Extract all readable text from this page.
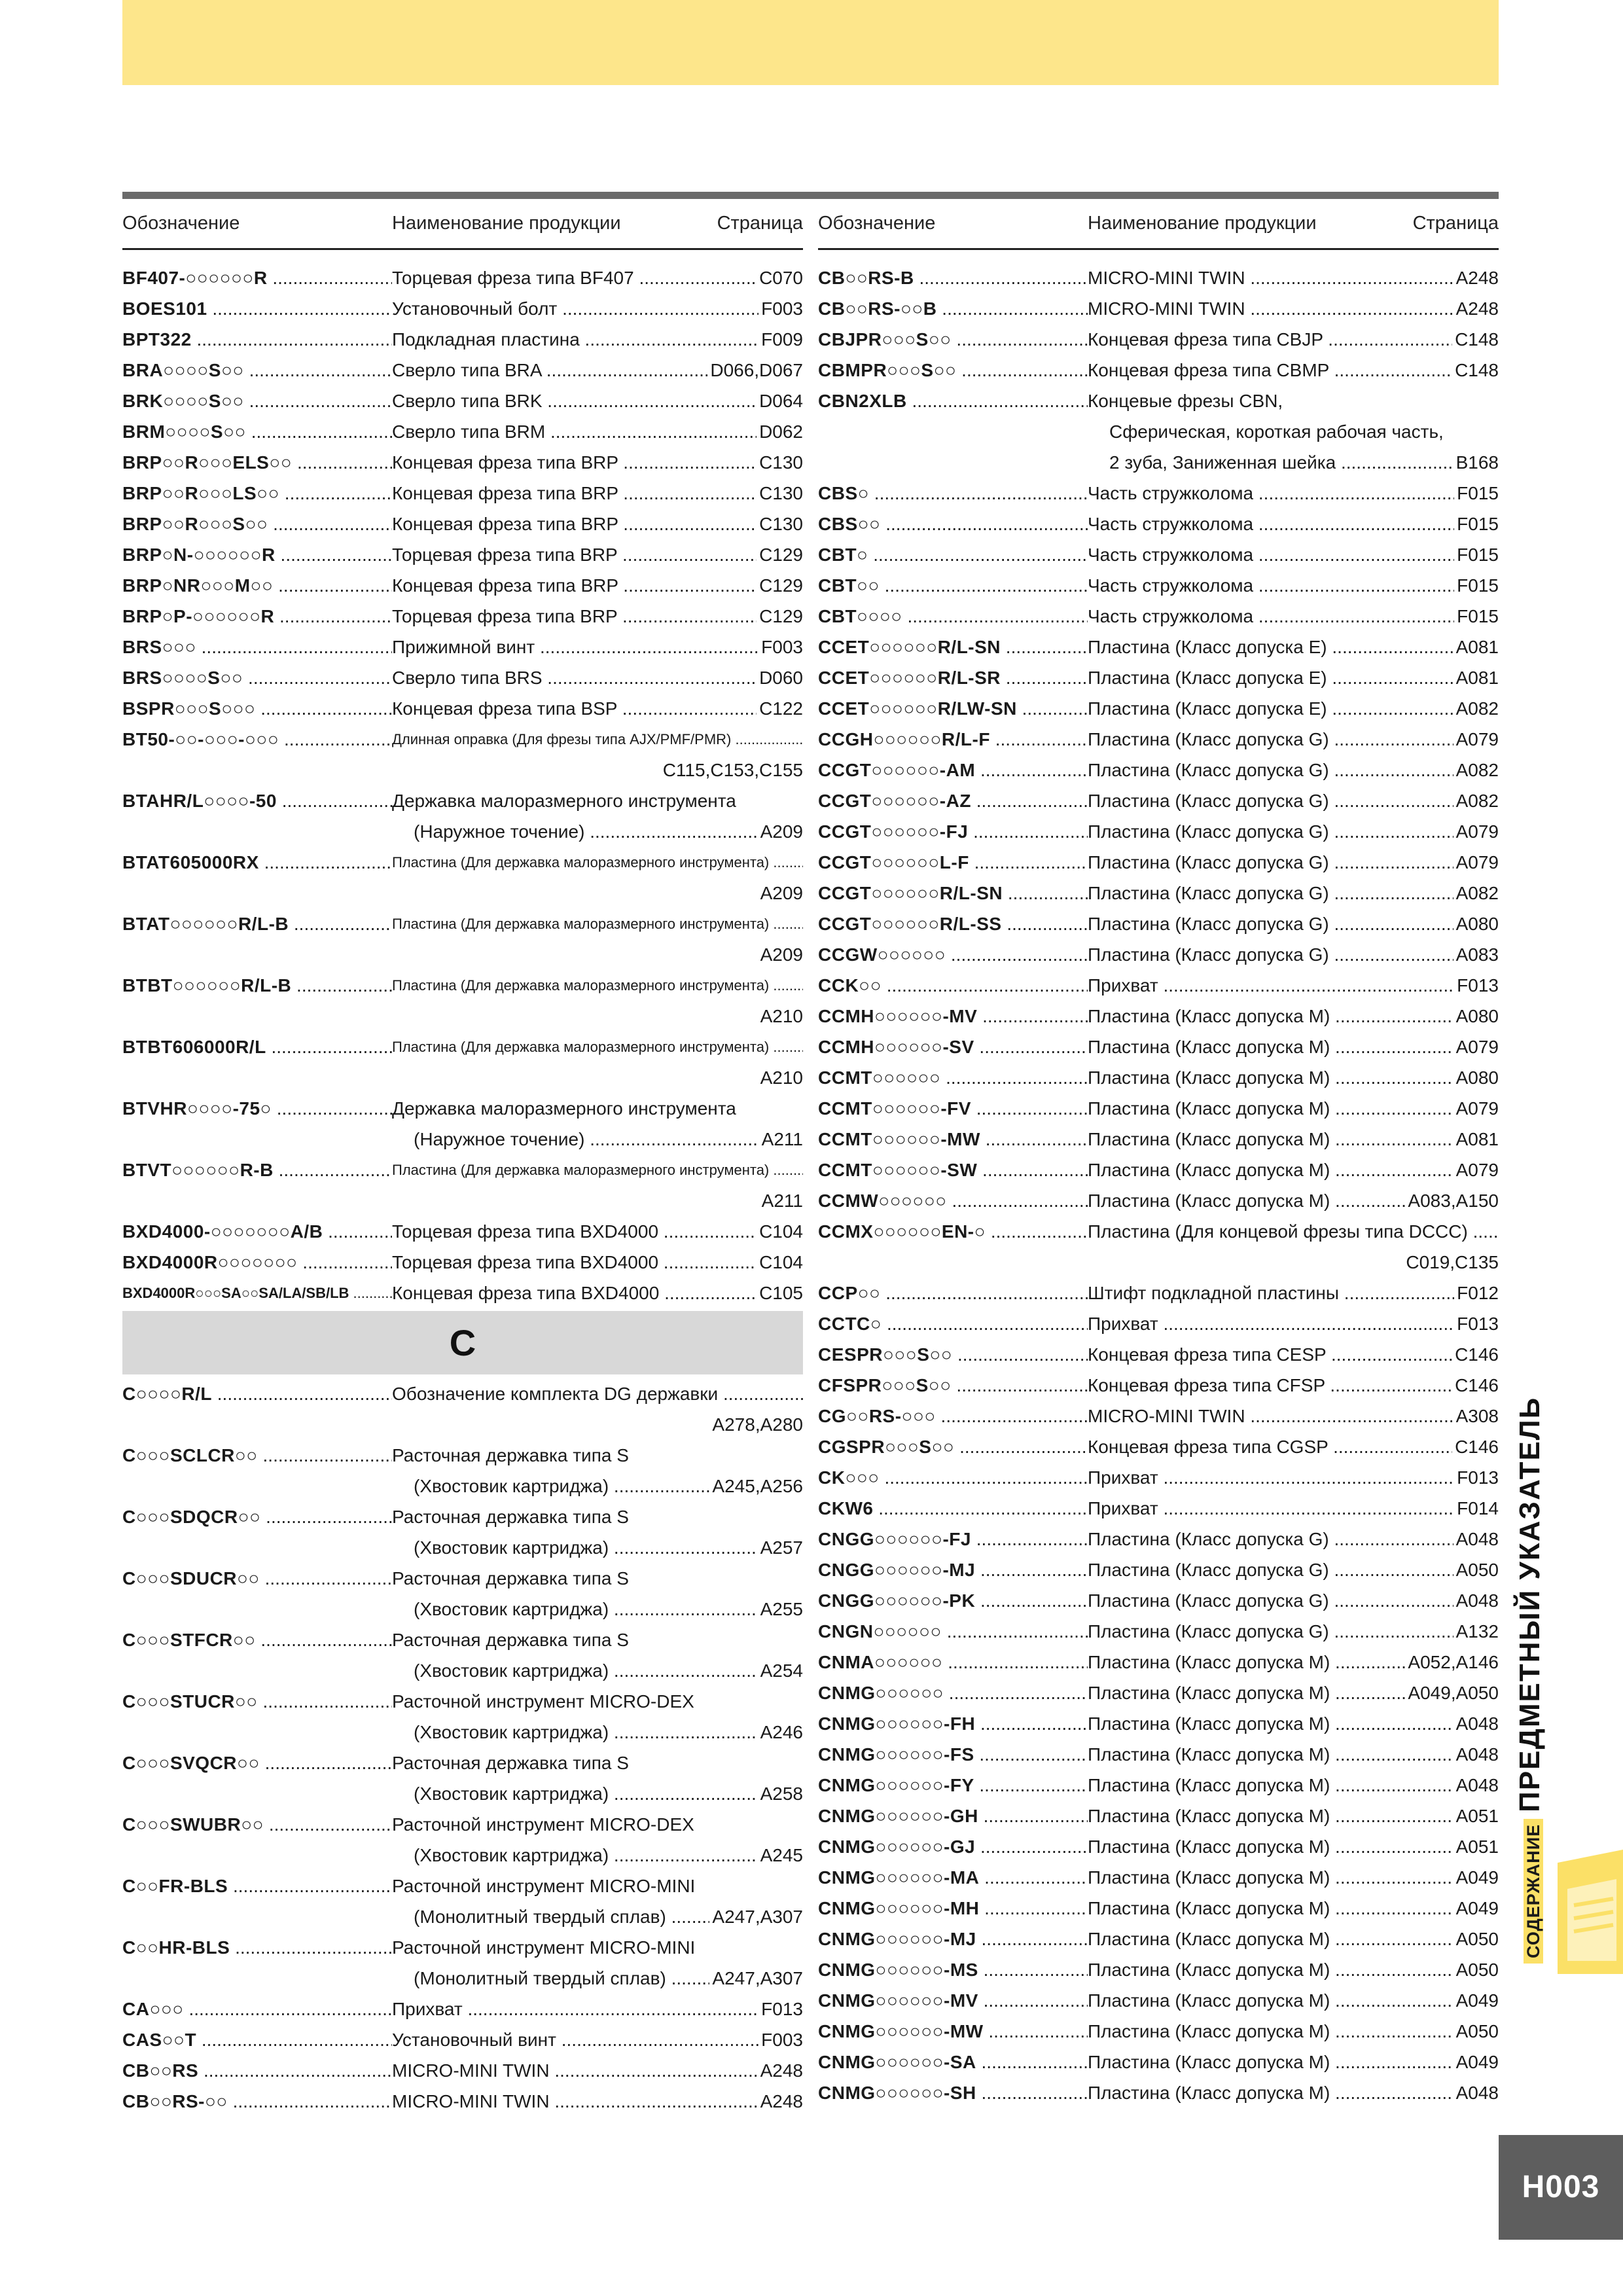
Обозначение	Наименование продукции	Страница
BF407-○○○○○○R .....	Торцевая фреза типа BF407 .....	C070
BOES101 .....	Установочный болт .....	F003
BPT322 .....	Подкладная пластина .....	F009
BRA○○○○S○○ .....	Сверло типа BRA .....	D066,D067
BRK○○○○S○○ .....	Сверло типа BRK .....	D064
BRM○○○○S○○ .....	Сверло типа BRM .....	D062
BRP○○R○○○ELS○○ .....	Концевая фреза типа BRP .....	C130
BRP○○R○○○LS○○ .....	Концевая фреза типа BRP .....	C130
BRP○○R○○○S○○ .....	Концевая фреза типа BRP .....	C130
BRP○N-○○○○○○R .....	Торцевая фреза типа BRP .....	C129
BRP○NR○○○M○○ .....	Концевая фреза типа BRP .....	C129
BRP○P-○○○○○○R .....	Торцевая фреза типа BRP .....	C129
BRS○○○ .....	Прижимной винт .....	F003
BRS○○○○S○○ .....	Сверло типа BRS .....	D060
BSPR○○○S○○○ .....	Концевая фреза типа BSP .....	C122
BT50-○○-○○○-○○○ .....	Длинная оправка (Для фрезы типа AJX/PMF/PMR) .....
C115,C153,C155
BTAHR/L○○○○-50 .....	Державка малоразмерного инструмента
(Наружное точение) .....	A209
BTAT605000RX .....	Пластина (Для державка малоразмерного инструмента) .....
A209
BTAT○○○○○○R/L-B .....	Пластина (Для державка малоразмерного инструмента) .....
A209
BTBT○○○○○○R/L-B .....	Пластина (Для державка малоразмерного инструмента) .....
A210
BTBT606000R/L .....	Пластина (Для державка малоразмерного инструмента) .....
A210
BTVHR○○○○-75○ .....	Державка малоразмерного инструмента
(Наружное точение) .....	A211
BTVT○○○○○○R-B .....	Пластина (Для державка малоразмерного инструмента) .....
A211
BXD4000-○○○○○○○A/B .....	Торцевая фреза типа BXD4000 .....	C104
BXD4000R○○○○○○○ .....	Торцевая фреза типа BXD4000 .....	C104
BXD4000R○○○SA○○SA/LA/SB/LB .....	Концевая фреза типа BXD4000 .....	C105
C
C○○○○R/L .....	Обозначение комплекта DG державки .....
A278,A280
C○○○SCLCR○○ .....	Расточная державка типа S
(Хвостовик картриджа) .....	A245,A256
C○○○SDQCR○○ .....	Расточная державка типа S
(Хвостовик картриджа) .....	A257
C○○○SDUCR○○ .....	Расточная державка типа S
(Хвостовик картриджа) .....	A255
C○○○STFCR○○ .....	Расточная державка типа S
(Хвостовик картриджа) .....	A254
C○○○STUCR○○ .....	Расточной инструмент MICRO-DEX
(Хвостовик картриджа) .....	A246
C○○○SVQCR○○ .....	Расточная державка типа S
(Хвостовик картриджа) .....	A258
C○○○SWUBR○○ .....	Расточной инструмент MICRO-DEX
(Хвостовик картриджа) .....	A245
C○○FR-BLS .....	Расточной инструмент MICRO-MINI
(Монолитный твердый сплав) .....	A247,A307
C○○HR-BLS .....	Расточной инструмент MICRO-MINI
(Монолитный твердый сплав) .....	A247,A307
CA○○○ .....	Прихват .....	F013
CAS○○T .....	Установочный винт .....	F003
CB○○RS .....	MICRO-MINI TWIN .....	A248
CB○○RS-○○ .....	MICRO-MINI TWIN .....	A248
Обозначение	Наименование продукции	Страница
CB○○RS-B .....	MICRO-MINI TWIN .....	A248
CB○○RS-○○B .....	MICRO-MINI TWIN .....	A248
CBJPR○○○S○○ .....	Концевая фреза типа CBJP .....	C148
CBMPR○○○S○○ .....	Концевая фреза типа CBMP .....	C148
CBN2XLB .....	Концевые фрезы CBN,
Сферическая, короткая рабочая часть,
2 зуба, Заниженная шейка .....	B168
CBS○ .....	Часть стружколома .....	F015
CBS○○ .....	Часть стружколома .....	F015
CBT○ .....	Часть стружколома .....	F015
CBT○○ .....	Часть стружколома .....	F015
CBT○○○○ .....	Часть стружколома .....	F015
CCET○○○○○○R/L-SN .....	Пластина (Класс допуска E) .....	A081
CCET○○○○○○R/L-SR .....	Пластина (Класс допуска E) .....	A081
CCET○○○○○○R/LW-SN .....	Пластина (Класс допуска E) .....	A082
CCGH○○○○○○R/L-F .....	Пластина (Класс допуска G) .....	A079
CCGT○○○○○○-AM .....	Пластина (Класс допуска G) .....	A082
CCGT○○○○○○-AZ .....	Пластина (Класс допуска G) .....	A082
CCGT○○○○○○-FJ .....	Пластина (Класс допуска G) .....	A079
CCGT○○○○○○L-F .....	Пластина (Класс допуска G) .....	A079
CCGT○○○○○○R/L-SN .....	Пластина (Класс допуска G) .....	A082
CCGT○○○○○○R/L-SS .....	Пластина (Класс допуска G) .....	A080
CCGW○○○○○○ .....	Пластина (Класс допуска G) .....	A083
CCK○○ .....	Прихват .....	F013
CCMH○○○○○○-MV .....	Пластина (Класс допуска M) .....	A080
CCMH○○○○○○-SV .....	Пластина (Класс допуска M) .....	A079
CCMT○○○○○○ .....	Пластина (Класс допуска M) .....	A080
CCMT○○○○○○-FV .....	Пластина (Класс допуска M) .....	A079
CCMT○○○○○○-MW .....	Пластина (Класс допуска M) .....	A081
CCMT○○○○○○-SW .....	Пластина (Класс допуска M) .....	A079
CCMW○○○○○○ .....	Пластина (Класс допуска M) .....	A083,A150
CCMX○○○○○○EN-○ .....	Пластина (Для концевой фрезы типа DCCC) .....
C019,C135
CCP○○ .....	Штифт подкладной пластины .....	F012
CCTC○ .....	Прихват .....	F013
CESPR○○○S○○ .....	Концевая фреза типа CESP .....	C146
CFSPR○○○S○○ .....	Концевая фреза типа CFSP .....	C146
CG○○RS-○○○ .....	MICRO-MINI TWIN .....	A308
CGSPR○○○S○○ .....	Концевая фреза типа CGSP .....	C146
CK○○○ .....	Прихват .....	F013
CKW6 .....	Прихват .....	F014
CNGG○○○○○○-FJ .....	Пластина (Класс допуска G) .....	A048
CNGG○○○○○○-MJ .....	Пластина (Класс допуска G) .....	A050
CNGG○○○○○○-PK .....	Пластина (Класс допуска G) .....	A048
CNGN○○○○○○ .....	Пластина (Класс допуска G) .....	A132
CNMA○○○○○○ .....	Пластина (Класс допуска M) .....	A052,A146
CNMG○○○○○○ .....	Пластина (Класс допуска M) .....	A049,A050
CNMG○○○○○○-FH .....	Пластина (Класс допуска M) .....	A048
CNMG○○○○○○-FS .....	Пластина (Класс допуска M) .....	A048
CNMG○○○○○○-FY .....	Пластина (Класс допуска M) .....	A048
CNMG○○○○○○-GH .....	Пластина (Класс допуска M) .....	A051
CNMG○○○○○○-GJ .....	Пластина (Класс допуска M) .....	A051
CNMG○○○○○○-MA .....	Пластина (Класс допуска M) .....	A049
CNMG○○○○○○-MH .....	Пластина (Класс допуска M) .....	A049
CNMG○○○○○○-MJ .....	Пластина (Класс допуска M) .....	A050
CNMG○○○○○○-MS .....	Пластина (Класс допуска M) .....	A050
CNMG○○○○○○-MV .....	Пластина (Класс допуска M) .....	A049
CNMG○○○○○○-MW .....	Пластина (Класс допуска M) .....	A050
CNMG○○○○○○-SA .....	Пластина (Класс допуска M) .....	A049
CNMG○○○○○○-SH .....	Пластина (Класс допуска M) .....	A048
СОДЕРЖАНИЕПРЕДМЕТНЫЙ УКАЗАТЕЛЬ
H003
